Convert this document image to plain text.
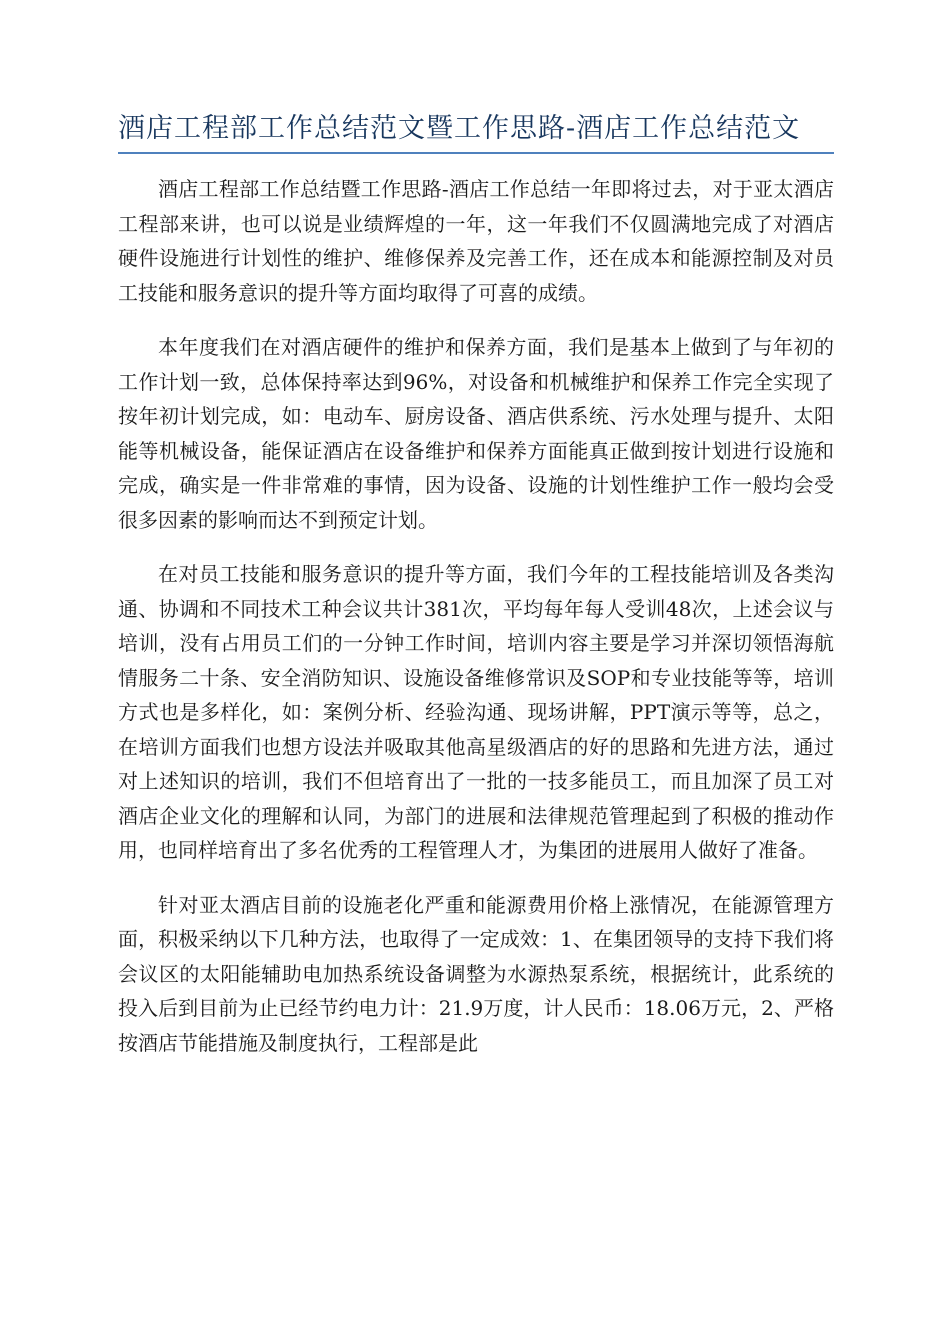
酒店工程部工作总结范文暨工作思路-酒店工作总结范文

酒店工程部工作总结暨工作思路-酒店工作总结一年即将过去，对于亚太酒店工程部来讲，也可以说是业绩辉煌的一年，这一年我们不仅圆满地完成了对酒店硬件设施进行计划性的维护、维修保养及完善工作，还在成本和能源控制及对员工技能和服务意识的提升等方面均取得了可喜的成绩。

本年度我们在对酒店硬件的维护和保养方面，我们是基本上做到了与年初的工作计划一致，总体保持率达到96%，对设备和机械维护和保养工作完全实现了按年初计划完成，如：电动车、厨房设备、酒店供系统、污水处理与提升、太阳能等机械设备，能保证酒店在设备维护和保养方面能真正做到按计划进行设施和完成，确实是一件非常难的事情，因为设备、设施的计划性维护工作一般均会受很多因素的影响而达不到预定计划。

在对员工技能和服务意识的提升等方面，我们今年的工程技能培训及各类沟通、协调和不同技术工种会议共计381次，平均每年每人受训48次，上述会议与培训，没有占用员工们的一分钟工作时间，培训内容主要是学习并深切领悟海航情服务二十条、安全消防知识、设施设备维修常识及SOP和专业技能等等，培训方式也是多样化，如：案例分析、经验沟通、现场讲解，PPT演示等等，总之，在培训方面我们也想方设法并吸取其他高星级酒店的好的思路和先进方法，通过对上述知识的培训，我们不但培育出了一批的一技多能员工，而且加深了员工对酒店企业文化的理解和认同，为部门的进展和法律规范管理起到了积极的推动作用，也同样培育出了多名优秀的工程管理人才，为集团的进展用人做好了准备。

针对亚太酒店目前的设施老化严重和能源费用价格上涨情况，在能源管理方面，积极采纳以下几种方法，也取得了一定成效：1、在集团领导的支持下我们将会议区的太阳能辅助电加热系统设备调整为水源热泵系统，根据统计，此系统的投入后到目前为止已经节约电力计：21.9万度，计人民币：18.06万元，2、严格按酒店节能措施及制度执行，工程部是此
